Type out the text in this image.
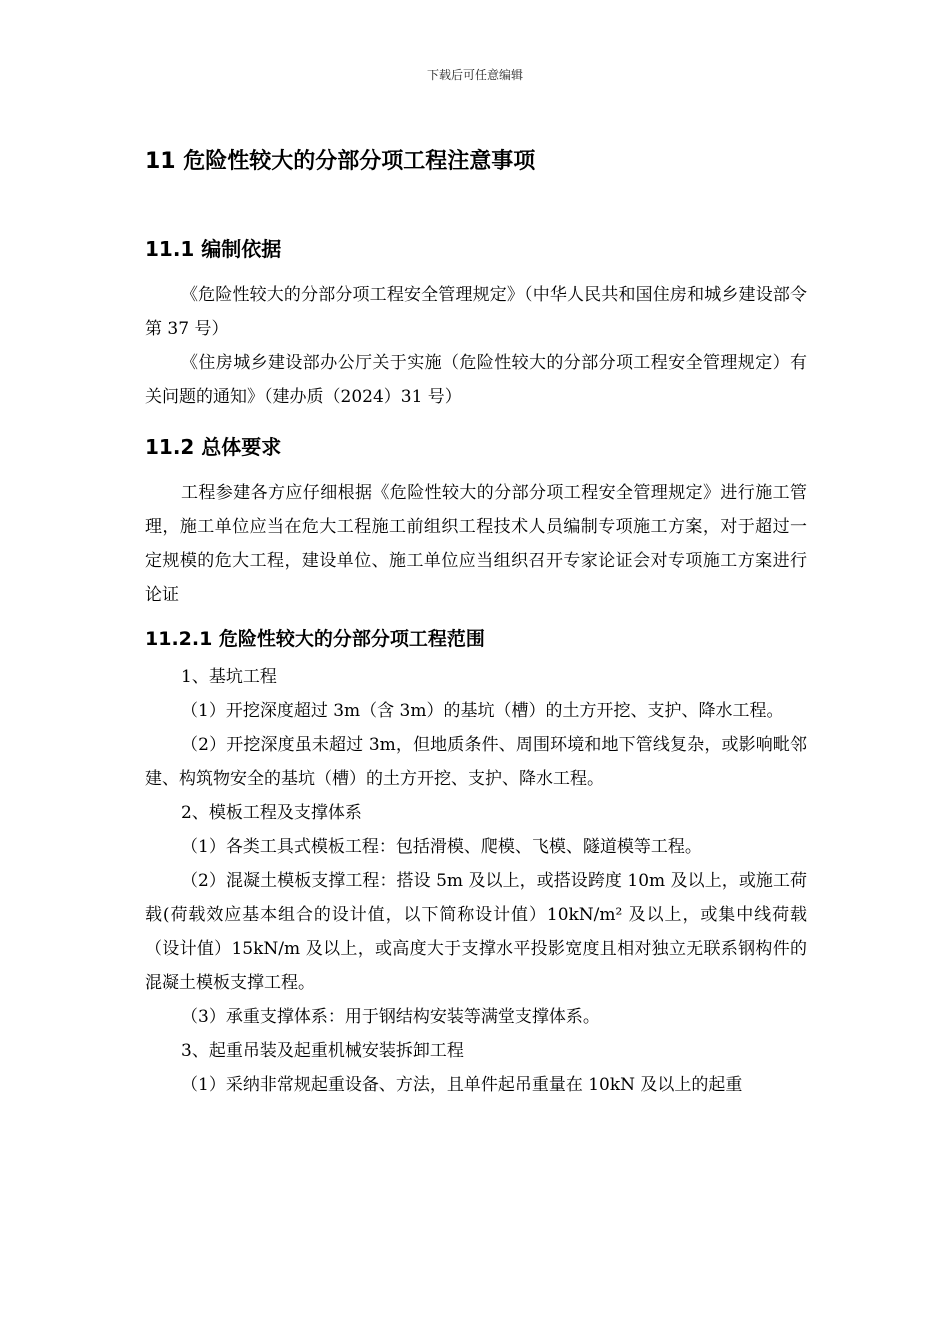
下载后可任意编辑
11 危险性较大的分部分项工程注意事项
11.1 编制依据

《危险性较大的分部分项工程安全管理规定》（中华人民共和国住房和城乡建设部令第 37 号）

《住房城乡建设部办公厅关于实施（危险性较大的分部分项工程安全管理规定）有关问题的通知》（建办质（2024）31 号）

11.2 总体要求

工程参建各方应仔细根据《危险性较大的分部分项工程安全管理规定》进行施工管理，施工单位应当在危大工程施工前组织工程技术人员编制专项施工方案，对于超过一定规模的危大工程，建设单位、施工单位应当组织召开专家论证会对专项施工方案进行论证

11.2.1 危险性较大的分部分项工程范围

1、基坑工程

（1）开挖深度超过 3m（含 3m）的基坑（槽）的土方开挖、支护、降水工程。

（2）开挖深度虽未超过 3m，但地质条件、周围环境和地下管线复杂，或影响毗邻建、构筑物安全的基坑（槽）的土方开挖、支护、降水工程。

2、模板工程及支撑体系

（1）各类工具式模板工程：包括滑模、爬模、飞模、隧道模等工程。

（2）混凝土模板支撑工程：搭设 5m 及以上，或搭设跨度 10m 及以上，或施工荷载(荷载效应基本组合的设计值，以下简称设计值）10kN/m² 及以上，或集中线荷载（设计值）15kN/m 及以上，或高度大于支撑水平投影宽度且相对独立无联系钢构件的混凝土模板支撑工程。

（3）承重支撑体系：用于钢结构安装等满堂支撑体系。

3、起重吊装及起重机械安装拆卸工程

（1）采纳非常规起重设备、方法，且单件起吊重量在 10kN 及以上的起重
